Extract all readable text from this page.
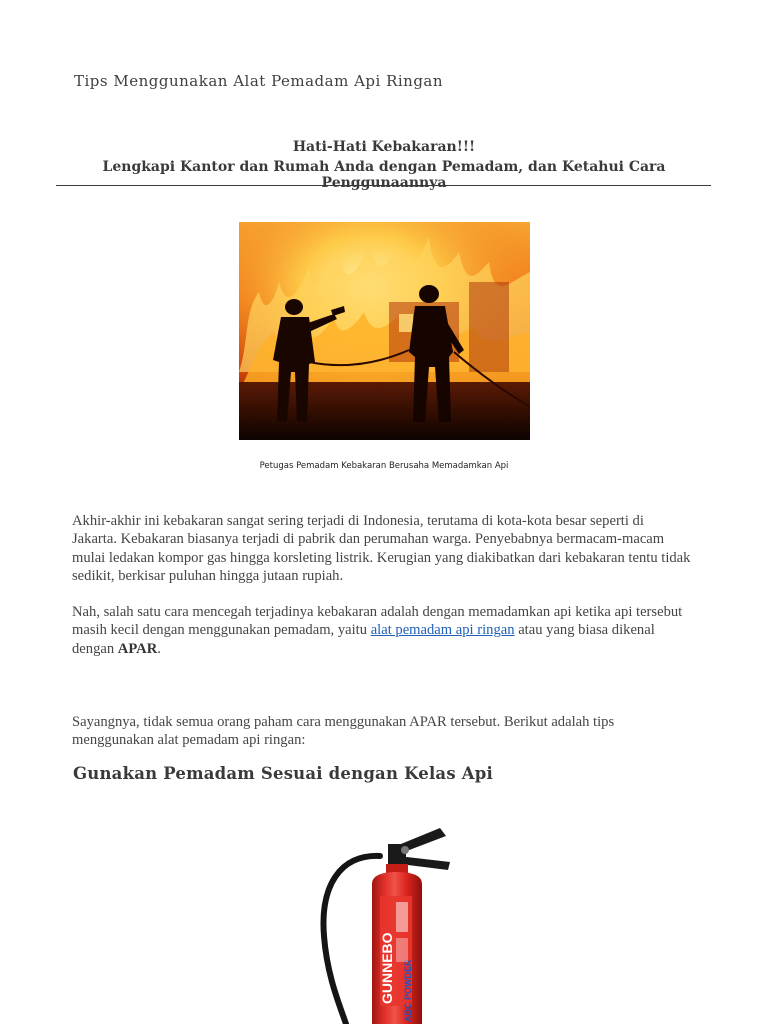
Tips Menggunakan Alat Pemadam Api Ringan
Hati-Hati Kebakaran!!!
Lengkapi Kantor dan Rumah Anda dengan Pemadam, dan Ketahui Cara Penggunaannya
Petugas Pemadam Kebakaran Berusaha Memadamkan Api
Akhir-akhir ini kebakaran sangat sering terjadi di Indonesia, terutama di kota-kota besar seperti di Jakarta. Kebakaran biasanya terjadi di pabrik dan perumahan warga. Penyebabnya bermacam-macam mulai ledakan kompor gas hingga korsleting listrik. Kerugian yang diakibatkan dari kebakaran tentu tidak sedikit, berkisar puluhan hingga jutaan rupiah.
Nah, salah satu cara mencegah terjadinya kebakaran adalah dengan memadamkan api ketika api tersebut masih kecil dengan menggunakan pemadam, yaitu alat pemadam api ringan atau yang biasa dikenal dengan APAR.
Sayangnya, tidak semua orang paham cara menggunakan APAR tersebut. Berikut adalah tips menggunakan alat pemadam api ringan:
Gunakan Pemadam Sesuai dengan Kelas Api
GUNNEBO ABC POWDER
